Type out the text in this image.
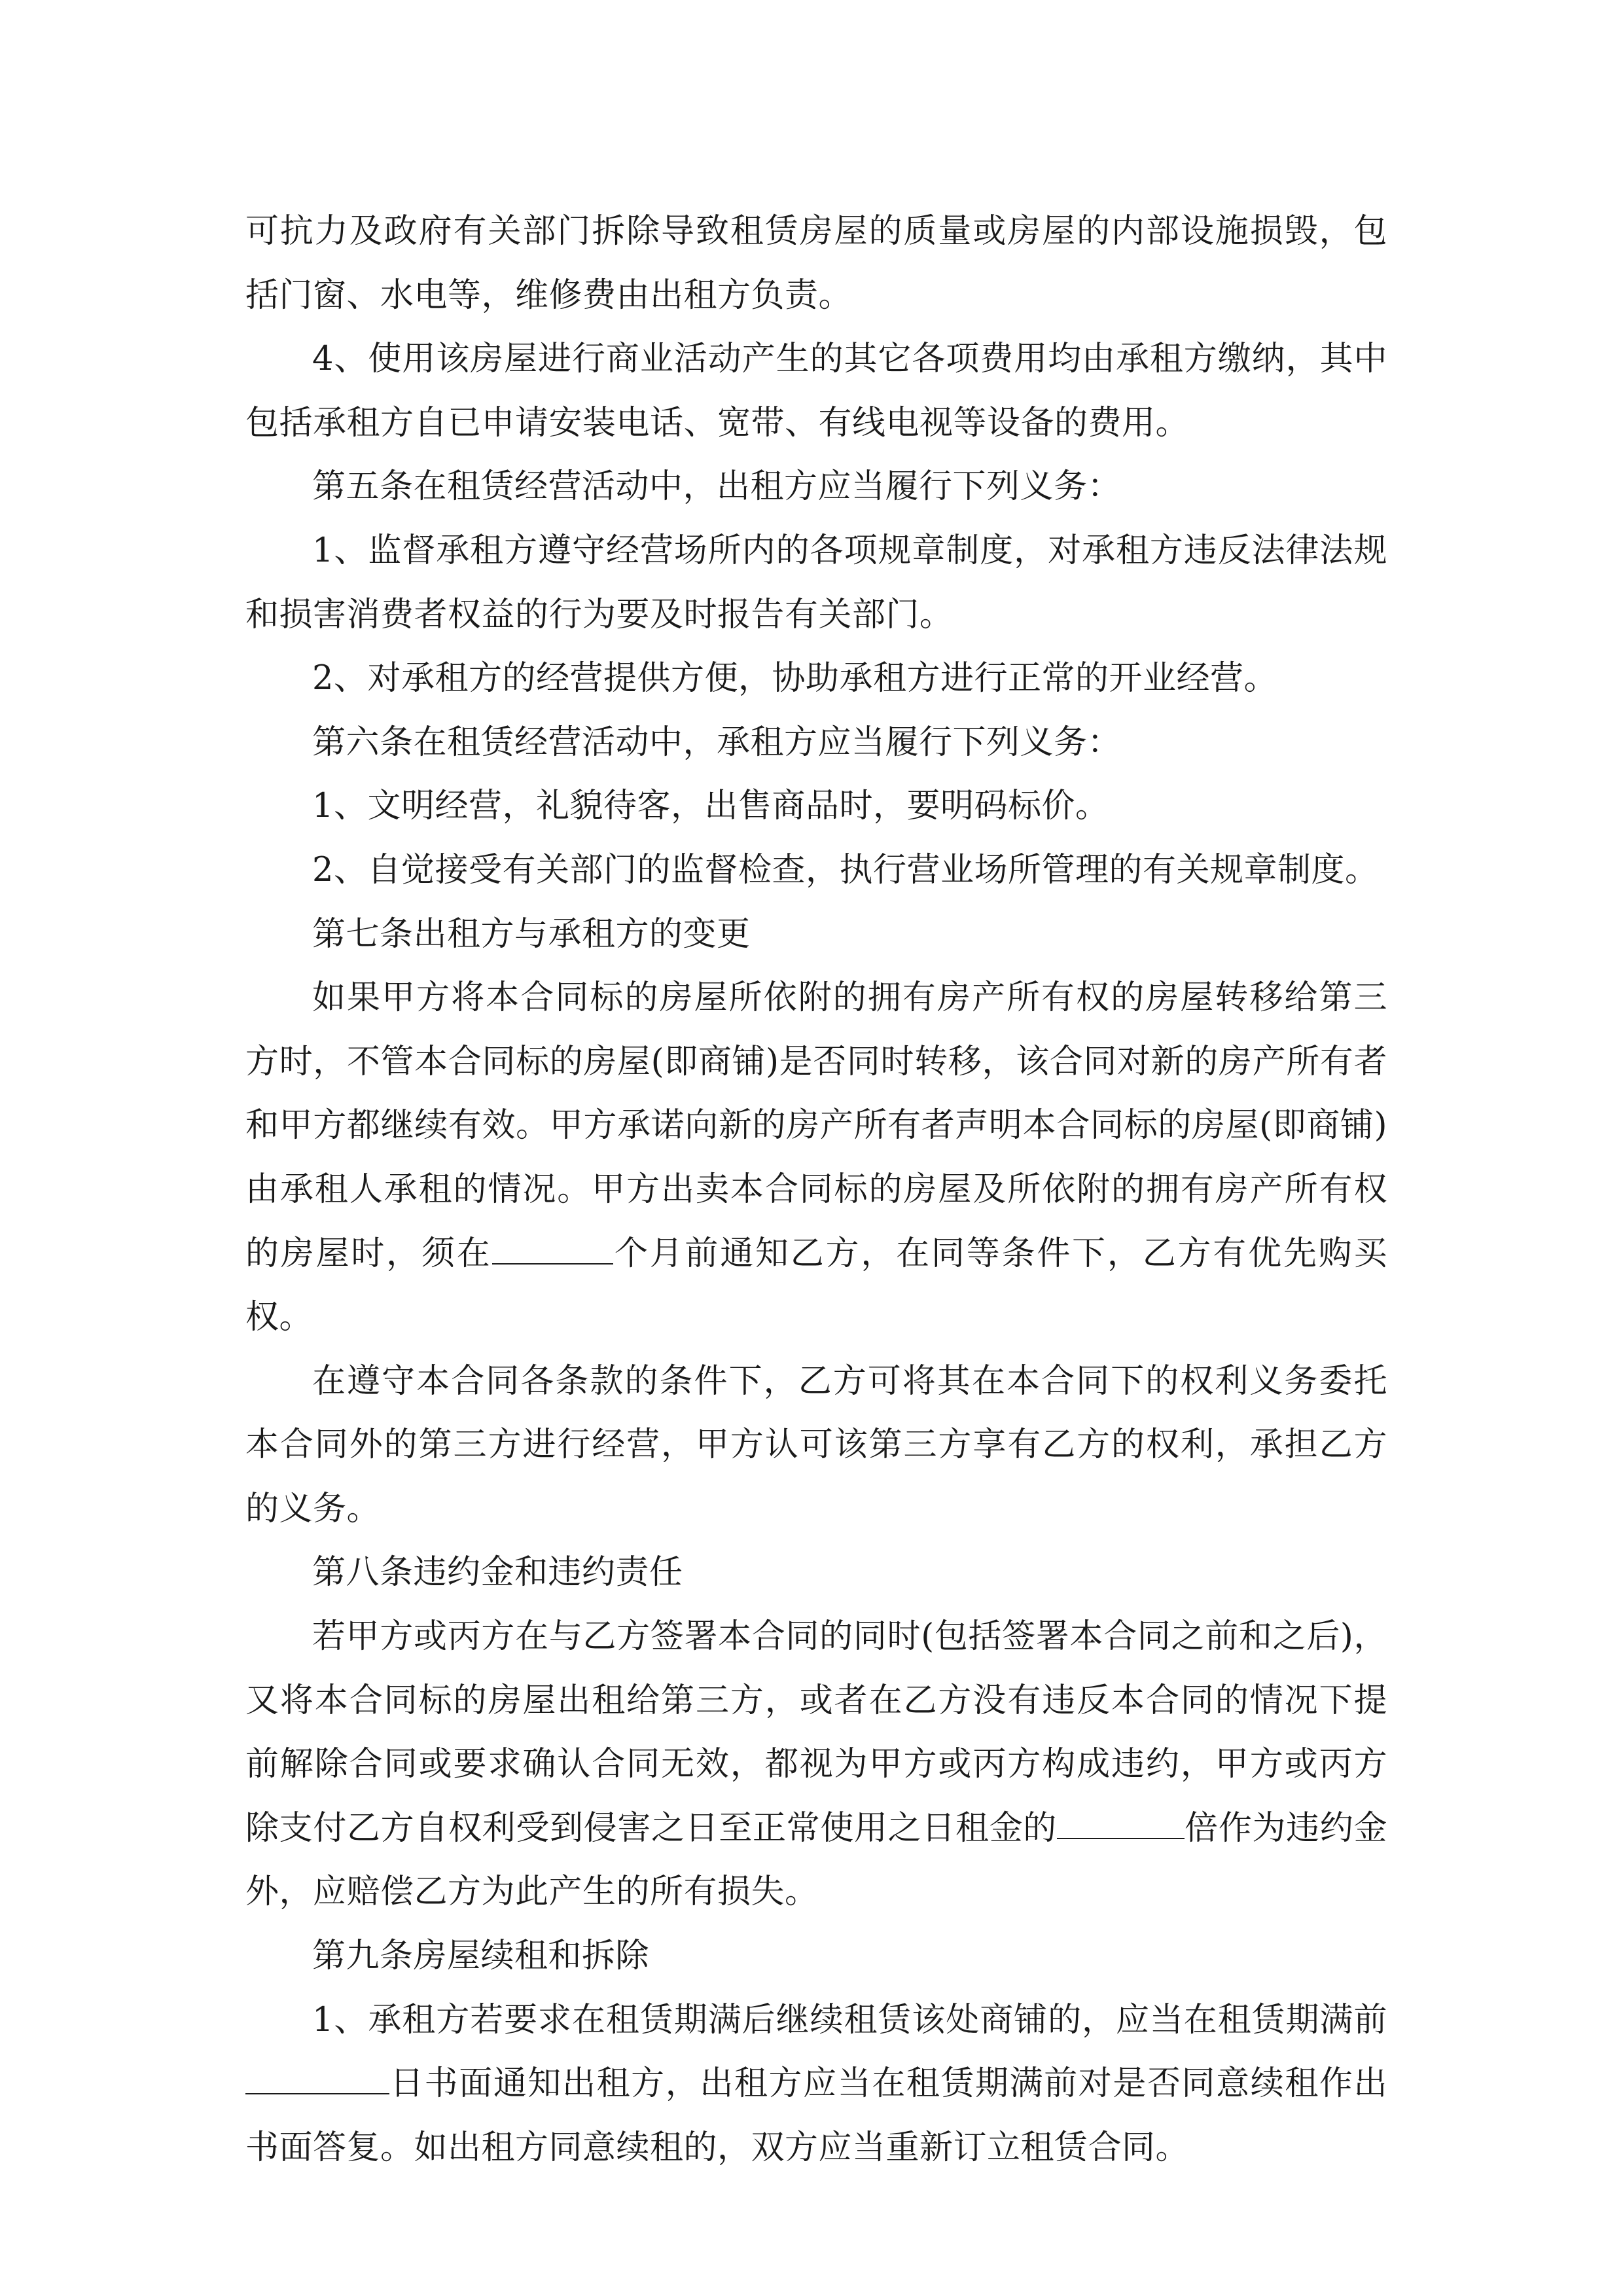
可抗力及政府有关部门拆除导致租赁房屋的质量或房屋的内部设施损毁，包括门窗、水电等，维修费由出租方负责。

4、使用该房屋进行商业活动产生的其它各项费用均由承租方缴纳，其中包括承租方自已申请安装电话、宽带、有线电视等设备的费用。

第五条在租赁经营活动中，出租方应当履行下列义务：

1、监督承租方遵守经营场所内的各项规章制度，对承租方违反法律法规和损害消费者权益的行为要及时报告有关部门。

2、对承租方的经营提供方便，协助承租方进行正常的开业经营。

第六条在租赁经营活动中，承租方应当履行下列义务：

1、文明经营，礼貌待客，出售商品时，要明码标价。

2、自觉接受有关部门的监督检查，执行营业场所管理的有关规章制度。

第七条出租方与承租方的变更

如果甲方将本合同标的房屋所依附的拥有房产所有权的房屋转移给第三方时，不管本合同标的房屋(即商铺)是否同时转移，该合同对新的房产所有者和甲方都继续有效。甲方承诺向新的房产所有者声明本合同标的房屋(即商铺)由承租人承租的情况。甲方出卖本合同标的房屋及所依附的拥有房产所有权的房屋时，须在	个月前通知乙方，在同等条件下，乙方有优先购买权。

在遵守本合同各条款的条件下，乙方可将其在本合同下的权利义务委托本合同外的第三方进行经营，甲方认可该第三方享有乙方的权利，承担乙方的义务。

第八条违约金和违约责任

若甲方或丙方在与乙方签署本合同的同时(包括签署本合同之前和之后)，又将本合同标的房屋出租给第三方，或者在乙方没有违反本合同的情况下提前解除合同或要求确认合同无效，都视为甲方或丙方构成违约，甲方或丙方除支付乙方自权利受到侵害之日至正常使用之日租金的	倍作为违约金外，应赔偿乙方为此产生的所有损失。

第九条房屋续租和拆除

1、承租方若要求在租赁期满后继续租赁该处商铺的，应当在租赁期满前日书面通知出租方，出租方应当在租赁期满前对是否同意续租作出书面答复。如出租方同意续租的，双方应当重新订立租赁合同。
